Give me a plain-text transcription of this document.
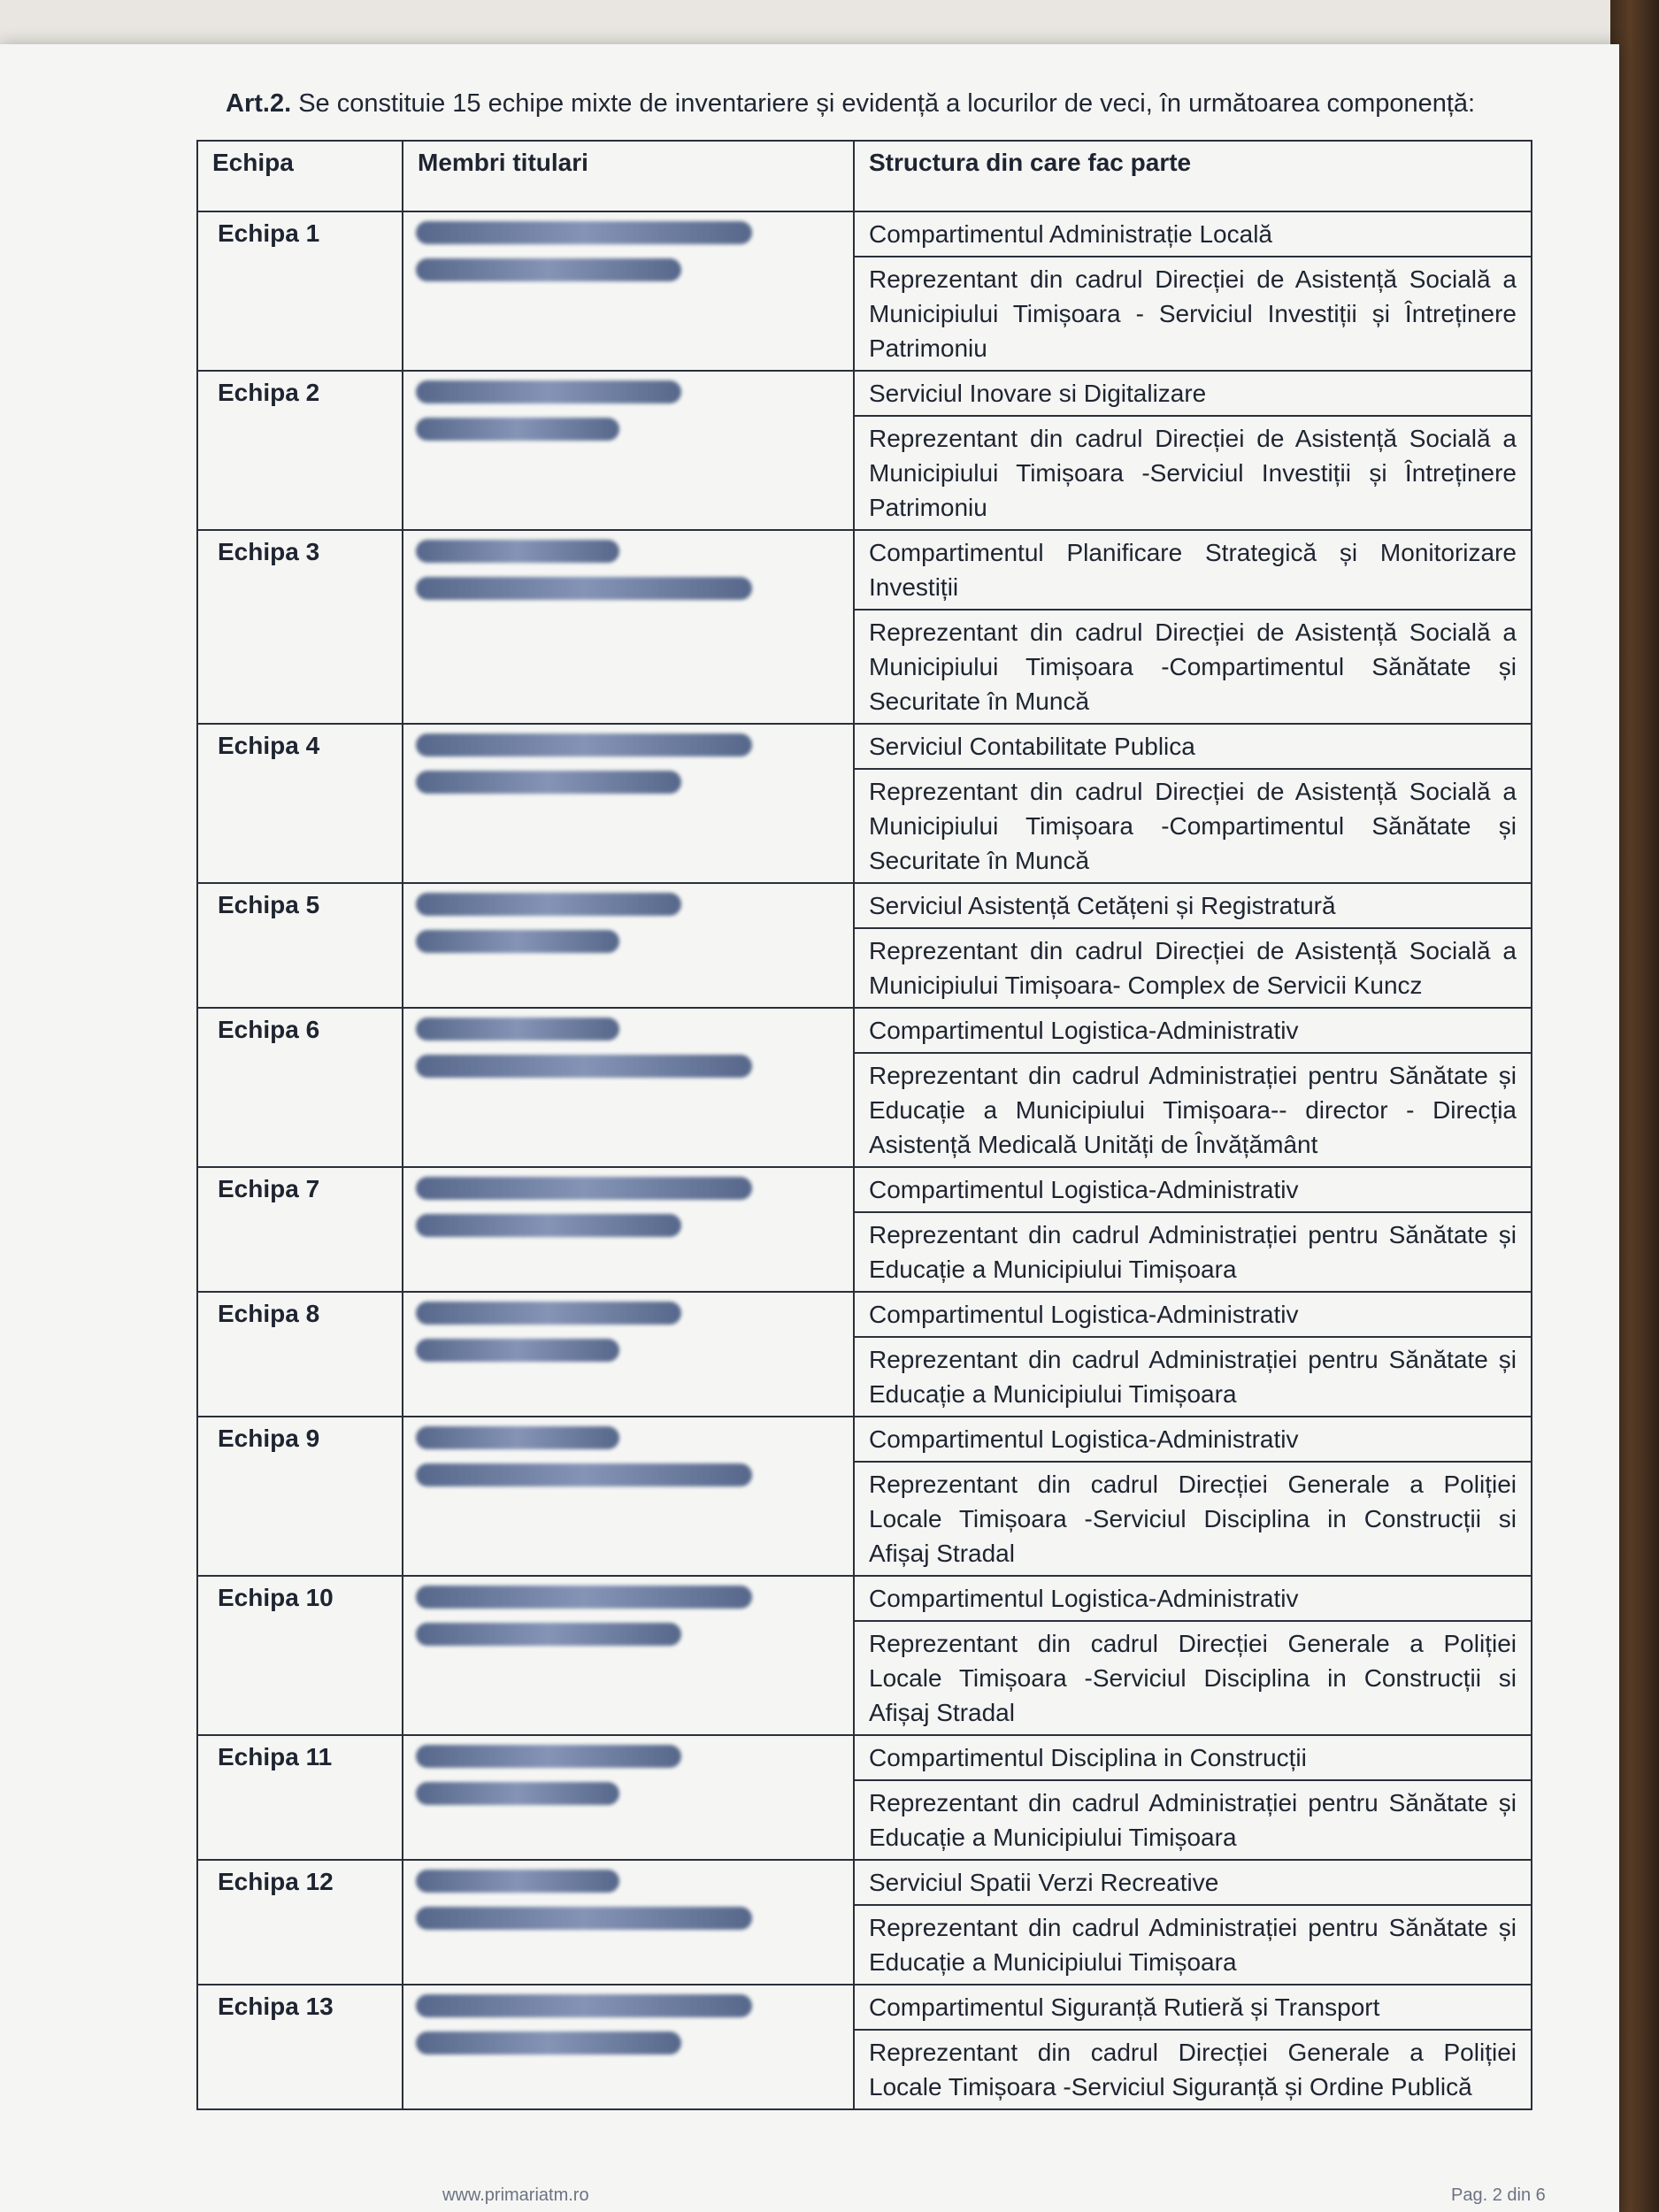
Art.2. Se constituie 15 echipe mixte de inventariere și evidență a locurilor de veci, în următoarea componență:
Echipa	Membri titulari	Structura din care fac parte
Echipa 1		Compartimentul Administrație Locală
Reprezentant din cadrul Direcției de Asistență Socială a Municipiului Timișoara - Serviciul Investiții și Întreținere Patrimoniu

Echipa 2		Serviciul Inovare si Digitalizare
Reprezentant din cadrul Direcției de Asistență Socială a Municipiului Timișoara -Serviciul Investiții și Întreținere Patrimoniu

Echipa 3		Compartimentul Planificare Strategică și Monitorizare Investiții
Reprezentant din cadrul Direcției de Asistență Socială a Municipiului Timișoara -Compartimentul Sănătate și Securitate în Muncă

Echipa 4		Serviciul Contabilitate Publica
Reprezentant din cadrul Direcției de Asistență Socială a Municipiului Timișoara -Compartimentul Sănătate și Securitate în Muncă

Echipa 5		Serviciul Asistență Cetățeni și Registratură
Reprezentant din cadrul Direcției de Asistență Socială a Municipiului Timișoara- Complex de Servicii Kuncz

Echipa 6		Compartimentul Logistica-Administrativ
Reprezentant din cadrul Administrației pentru Sănătate și Educație a Municipiului Timișoara-- director - Direcția Asistență Medicală Unități de Învățământ

Echipa 7		Compartimentul Logistica-Administrativ
Reprezentant din cadrul Administrației pentru Sănătate și Educație a Municipiului Timișoara

Echipa 8		Compartimentul Logistica-Administrativ
Reprezentant din cadrul Administrației pentru Sănătate și Educație a Municipiului Timișoara

Echipa 9		Compartimentul Logistica-Administrativ
Reprezentant din cadrul Direcției Generale a Poliției Locale Timișoara -Serviciul Disciplina in Construcții si Afișaj Stradal

Echipa 10		Compartimentul Logistica-Administrativ
Reprezentant din cadrul Direcției Generale a Poliției Locale Timișoara -Serviciul Disciplina in Construcții si Afișaj Stradal

Echipa 11		Compartimentul Disciplina in Construcții
Reprezentant din cadrul Administrației pentru Sănătate și Educație a Municipiului Timișoara

Echipa 12		Serviciul Spatii Verzi Recreative
Reprezentant din cadrul Administrației pentru Sănătate și Educație a Municipiului Timișoara

Echipa 13		Compartimentul Siguranță Rutieră și Transport
Reprezentant din cadrul Direcției Generale a Poliției Locale Timișoara -Serviciul Siguranță și Ordine Publică
www.primariatm.ro	Pag. 2 din 6
